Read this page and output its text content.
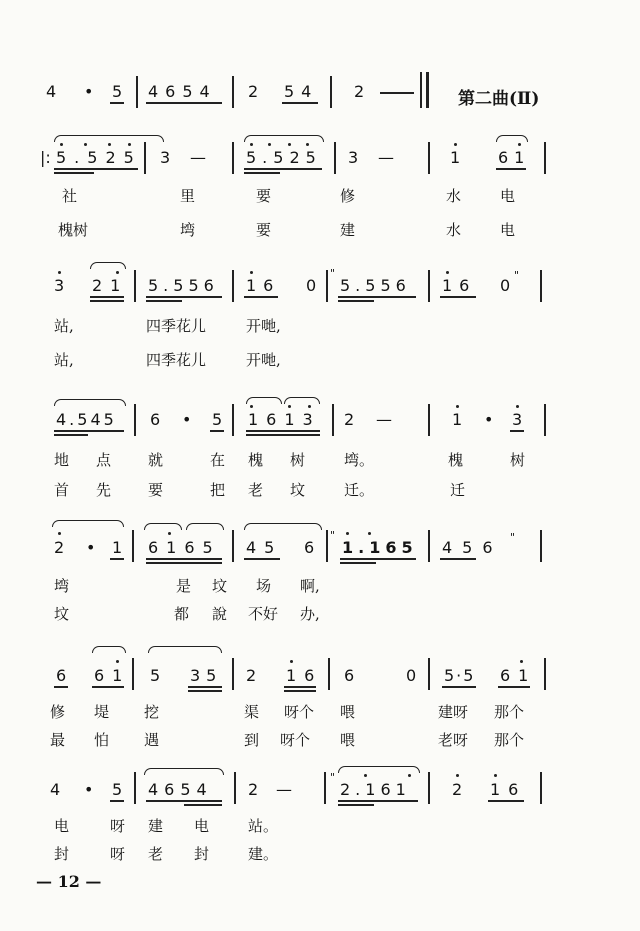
第二曲(Ⅱ)
— 12 —
4 • 5 4654 2 54 2
|: 5.525 3 —	5.525 3 —	1 61
社	里	要	修	水	电
槐树	塆	要	建	水	电
3 21 5.556 16 0
"
5.556 16 0
"
站,	四季花儿	开哋,
站,	四季花儿	开哋,
4.545 6 • 5 1613 2 —	1 • 3
地 点 就	在 槐 树	塆。	槐	树
首 先 要	把 老 坟	迁。	迁
2 • 1 6165 45 6
"
1.165 456
"
塆	是 坟 场 啊,
坟	都 說 不好 办,
6 61 5 35 2 16 6	0 5·5 61
修 堤 挖	渠 呀个 喂	建呀 那个
最 怕 遇	到 呀个 喂	老呀 那个
4 • 5 4654 2 —
"
2.161	2 16
电	呀 建 电	站。
封	呀 老 封	建。
